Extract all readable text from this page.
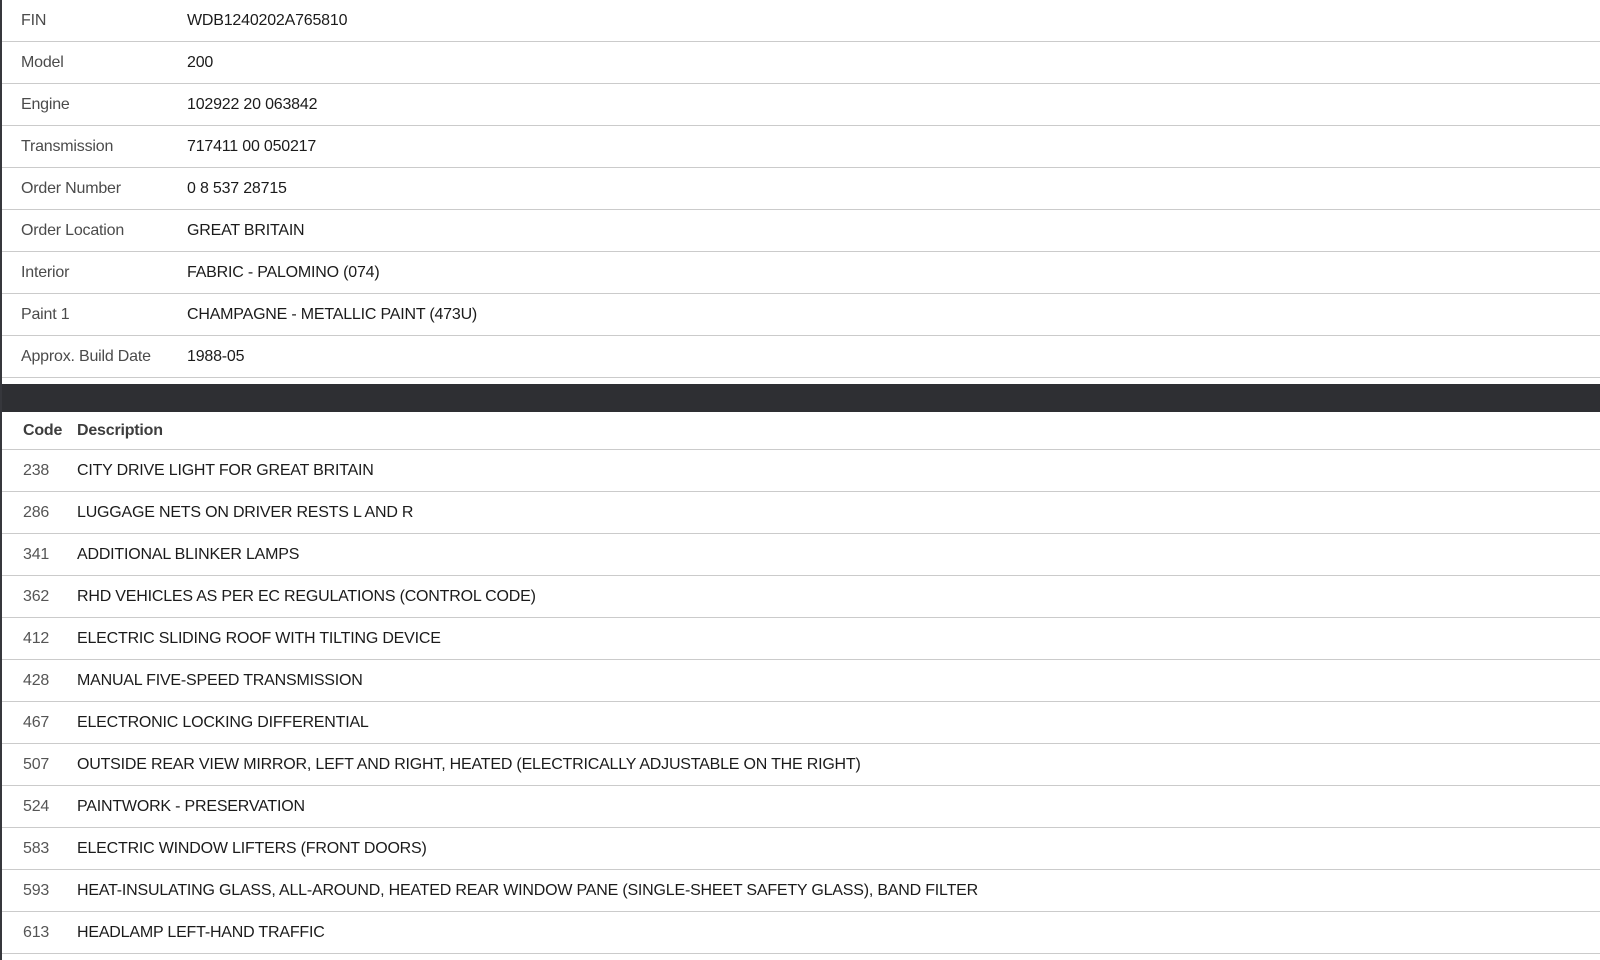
FIN	WDB1240202A765810
Model	200
Engine	102922 20 063842
Transmission	717411 00 050217
Order Number	0 8 537 28715
Order Location	GREAT BRITAIN
Interior	FABRIC - PALOMINO (074)
Paint 1	CHAMPAGNE - METALLIC PAINT (473U)
Approx. Build Date	1988-05
Code Description
238	CITY DRIVE LIGHT FOR GREAT BRITAIN
286	LUGGAGE NETS ON DRIVER RESTS L AND R
341	ADDITIONAL BLINKER LAMPS
362	RHD VEHICLES AS PER EC REGULATIONS (CONTROL CODE)
412	ELECTRIC SLIDING ROOF WITH TILTING DEVICE
428	MANUAL FIVE-SPEED TRANSMISSION
467	ELECTRONIC LOCKING DIFFERENTIAL
507	OUTSIDE REAR VIEW MIRROR, LEFT AND RIGHT, HEATED (ELECTRICALLY ADJUSTABLE ON THE RIGHT)
524	PAINTWORK - PRESERVATION
583	ELECTRIC WINDOW LIFTERS (FRONT DOORS)
593	HEAT-INSULATING GLASS, ALL-AROUND, HEATED REAR WINDOW PANE (SINGLE-SHEET SAFETY GLASS), BAND FILTER
613	HEADLAMP LEFT-HAND TRAFFIC
